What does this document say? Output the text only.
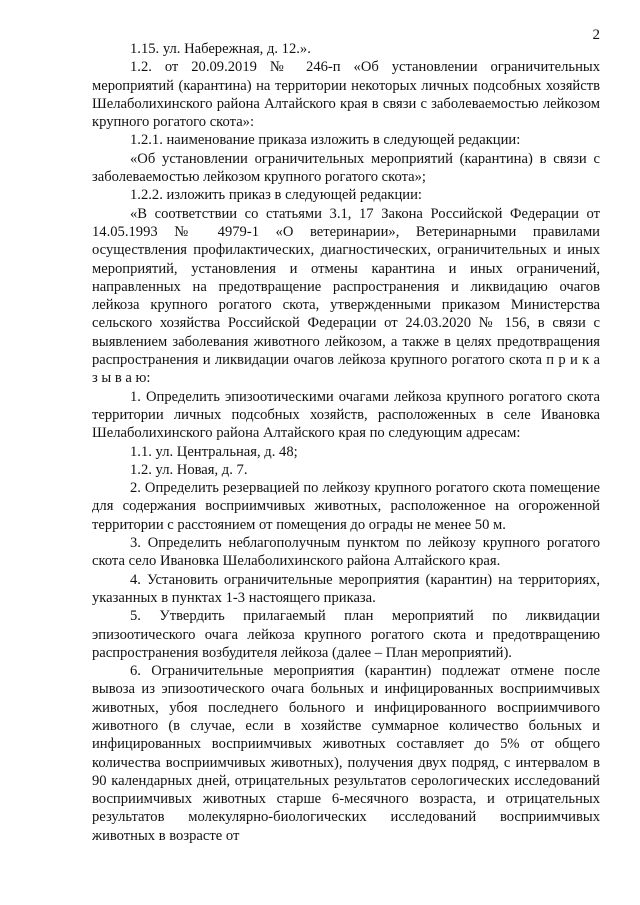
2

1.15. ул. Набережная, д. 12.».

1.2. от 20.09.2019 № 246-п «Об установлении ограничительных мероприятий (карантина) на территории некоторых личных подсобных хозяйств Шелаболихинского района Алтайского края в связи с заболеваемостью лейкозом крупного рогатого скота»:

1.2.1. наименование приказа изложить в следующей редакции:

«Об установлении ограничительных мероприятий (карантина) в связи с заболеваемостью лейкозом крупного рогатого скота»;

1.2.2. изложить приказ в следующей редакции:

«В соответствии со статьями 3.1, 17 Закона Российской Федерации от 14.05.1993 № 4979-1 «О ветеринарии», Ветеринарными правилами осуществления профилактических, диагностических, ограничительных и иных мероприятий, установления и отмены карантина и иных ограничений, направленных на предотвращение распространения и ликвидацию очагов лейкоза крупного рогатого скота, утвержденными приказом Министерства сельского хозяйства Российской Федерации от 24.03.2020 № 156, в связи с выявлением заболевания животного лейкозом, а также в целях предотвращения распространения и ликвидации очагов лейкоза крупного рогатого скота п р и к а з ы в а ю:

1. Определить эпизоотическими очагами лейкоза крупного рогатого скота территории личных подсобных хозяйств, расположенных в селе Ивановка Шелаболихинского района Алтайского края по следующим адресам:

1.1. ул. Центральная, д. 48;

1.2. ул. Новая, д. 7.

2. Определить резервацией по лейкозу крупного рогатого скота помещение для содержания восприимчивых животных, расположенное на огороженной территории с расстоянием от помещения до ограды не менее 50 м.

3. Определить неблагополучным пунктом по лейкозу крупного рогатого скота село Ивановка Шелаболихинского района Алтайского края.

4. Установить ограничительные мероприятия (карантин) на территориях, указанных в пунктах 1-3 настоящего приказа.

5. Утвердить прилагаемый план мероприятий по ликвидации эпизоотического очага лейкоза крупного рогатого скота и предотвращению распространения возбудителя лейкоза (далее – План мероприятий).

6. Ограничительные мероприятия (карантин) подлежат отмене после вывоза из эпизоотического очага больных и инфицированных восприимчивых животных, убоя последнего больного и инфицированного восприимчивого животного (в случае, если в хозяйстве суммарное количество больных и инфицированных восприимчивых животных составляет до 5% от общего количества восприимчивых животных), получения двух подряд, с интервалом в 90 календарных дней, отрицательных результатов серологических исследований восприимчивых животных старше 6-месячного возраста, и отрицательных результатов молекулярно-биологических исследований восприимчивых животных в возрасте от
